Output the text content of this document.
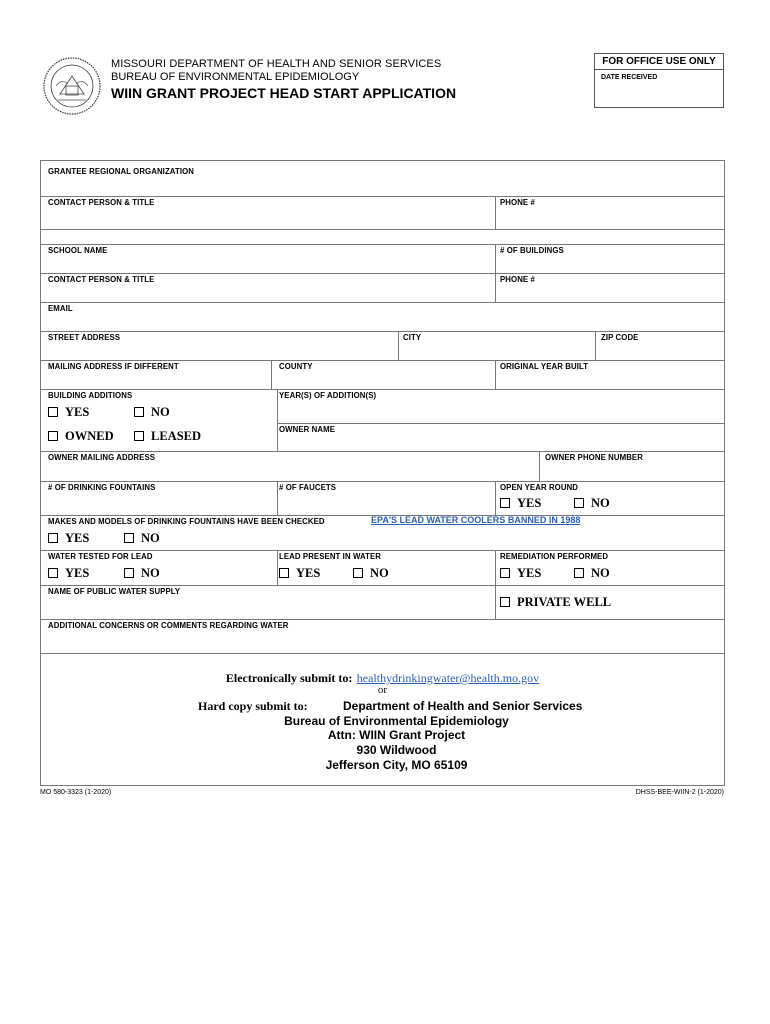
MISSOURI DEPARTMENT OF HEALTH AND SENIOR SERVICES
BUREAU OF ENVIRONMENTAL EPIDEMIOLOGY
WIIN GRANT PROJECT HEAD START APPLICATION
FOR OFFICE USE ONLY
DATE RECEIVED
GRANTEE REGIONAL ORGANIZATION
CONTACT PERSON & TITLE	PHONE #
SCHOOL NAME	# OF BUILDINGS
CONTACT PERSON & TITLE	PHONE #
EMAIL
STREET ADDRESS	CITY	ZIP CODE
MAILING ADDRESS IF DIFFERENT	COUNTY	ORIGINAL YEAR BUILT
BUILDING ADDITIONS
YES	NO
OWNED	LEASED
YEAR(S) OF ADDITION(S)
OWNER NAME
OWNER MAILING ADDRESS	OWNER PHONE NUMBER
# OF DRINKING FOUNTAINS	# OF FAUCETS	OPEN YEAR ROUND
YES	NO
MAKES AND MODELS OF DRINKING FOUNTAINS HAVE BEEN CHECKED	EPA'S LEAD WATER COOLERS BANNED IN 1988
YES	NO
WATER TESTED FOR LEAD	LEAD PRESENT IN WATER	REMEDIATION PERFORMED
YES	NO	YES	NO	YES	NO
NAME OF PUBLIC WATER SUPPLY
PRIVATE WELL
ADDITIONAL CONCERNS OR COMMENTS REGARDING WATER
Electronically submit to: healthydrinkingwater@health.mo.gov
or
Hard copy submit to:	Department of Health and Senior Services
Bureau of Environmental Epidemiology
Attn: WIIN Grant Project
930 Wildwood
Jefferson City, MO 65109
MO 580-3323 (1-2020)	DHSS-BEE-WIIN-2 (1-2020)
